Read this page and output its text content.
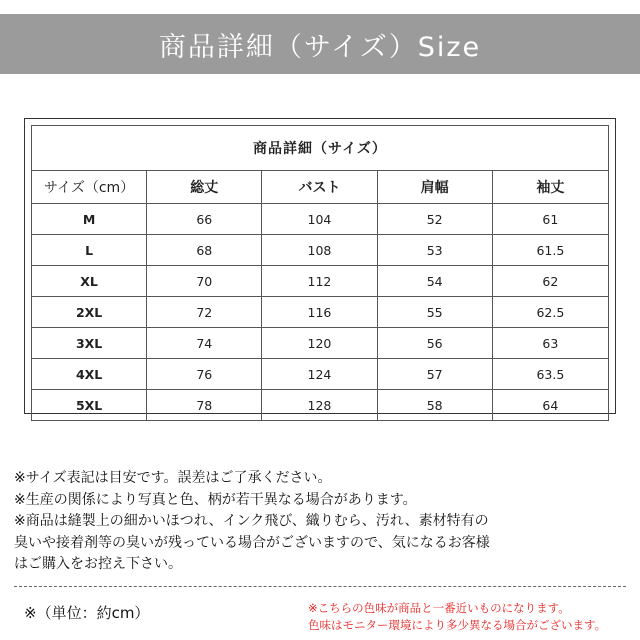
商品詳細（サイズ）Size
商品詳細（サイズ）				
サイズ（cm）	総丈	バスト	肩幅	袖丈
M	66	104	52	61
L	68	108	53	61.5
XL	70	112	54	62
2XL	72	116	55	62.5
3XL	74	120	56	63
4XL	76	124	57	63.5
5XL	78	128	58	64
※サイズ表記は目安です。誤差はご了承ください。
※生産の関係により写真と色、柄が若干異なる場合があります。
※商品は縫製上の細かいほつれ、インク飛び、織りむら、汚れ、素材特有の
臭いや接着剤等の臭いが残っている場合がございますので、気になるお客様
はご購入をお控え下さい。
※（単位：約cm）	※こちらの色味が商品と一番近いものになります。
色味はモニター環境により多少異なる場合がございます。
